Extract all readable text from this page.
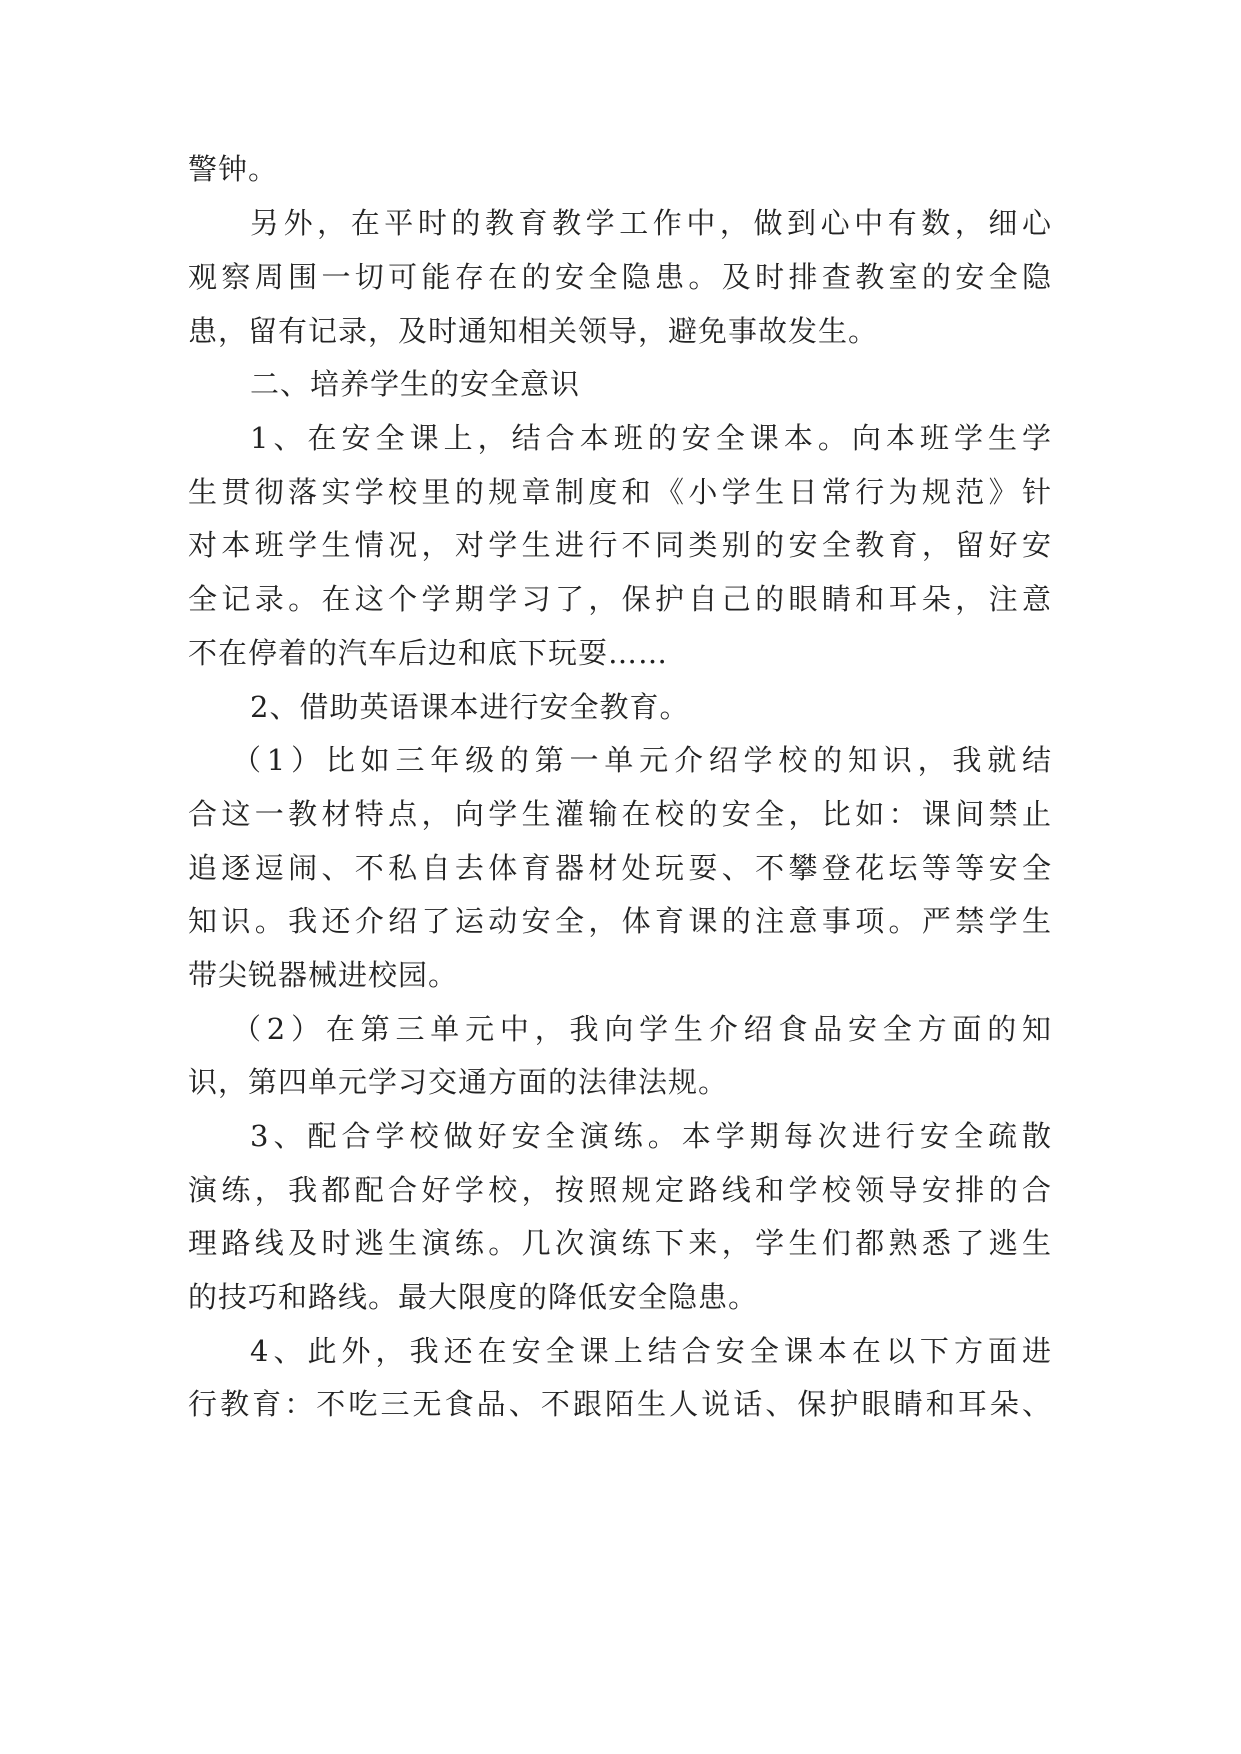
警钟。

另外，在平时的教育教学工作中，做到心中有数，细心

观察周围一切可能存在的安全隐患。及时排查教室的安全隐

患，留有记录，及时通知相关领导，避免事故发生。

二、培养学生的安全意识

1、在安全课上，结合本班的安全课本。向本班学生学

生贯彻落实学校里的规章制度和《小学生日常行为规范》针

对本班学生情况，对学生进行不同类别的安全教育，留好安

全记录。在这个学期学习了，保护自己的眼睛和耳朵，注意

不在停着的汽车后边和底下玩耍……

2、借助英语课本进行安全教育。

（1）比如三年级的第一单元介绍学校的知识，我就结

合这一教材特点，向学生灌输在校的安全，比如：课间禁止

追逐逗闹、不私自去体育器材处玩耍、不攀登花坛等等安全

知识。我还介绍了运动安全，体育课的注意事项。严禁学生

带尖锐器械进校园。

（2）在第三单元中，我向学生介绍食品安全方面的知

识，第四单元学习交通方面的法律法规。

3、配合学校做好安全演练。本学期每次进行安全疏散

演练，我都配合好学校，按照规定路线和学校领导安排的合

理路线及时逃生演练。几次演练下来，学生们都熟悉了逃生

的技巧和路线。最大限度的降低安全隐患。

4、此外，我还在安全课上结合安全课本在以下方面进

行教育：不吃三无食品、不跟陌生人说话、保护眼睛和耳朵、
